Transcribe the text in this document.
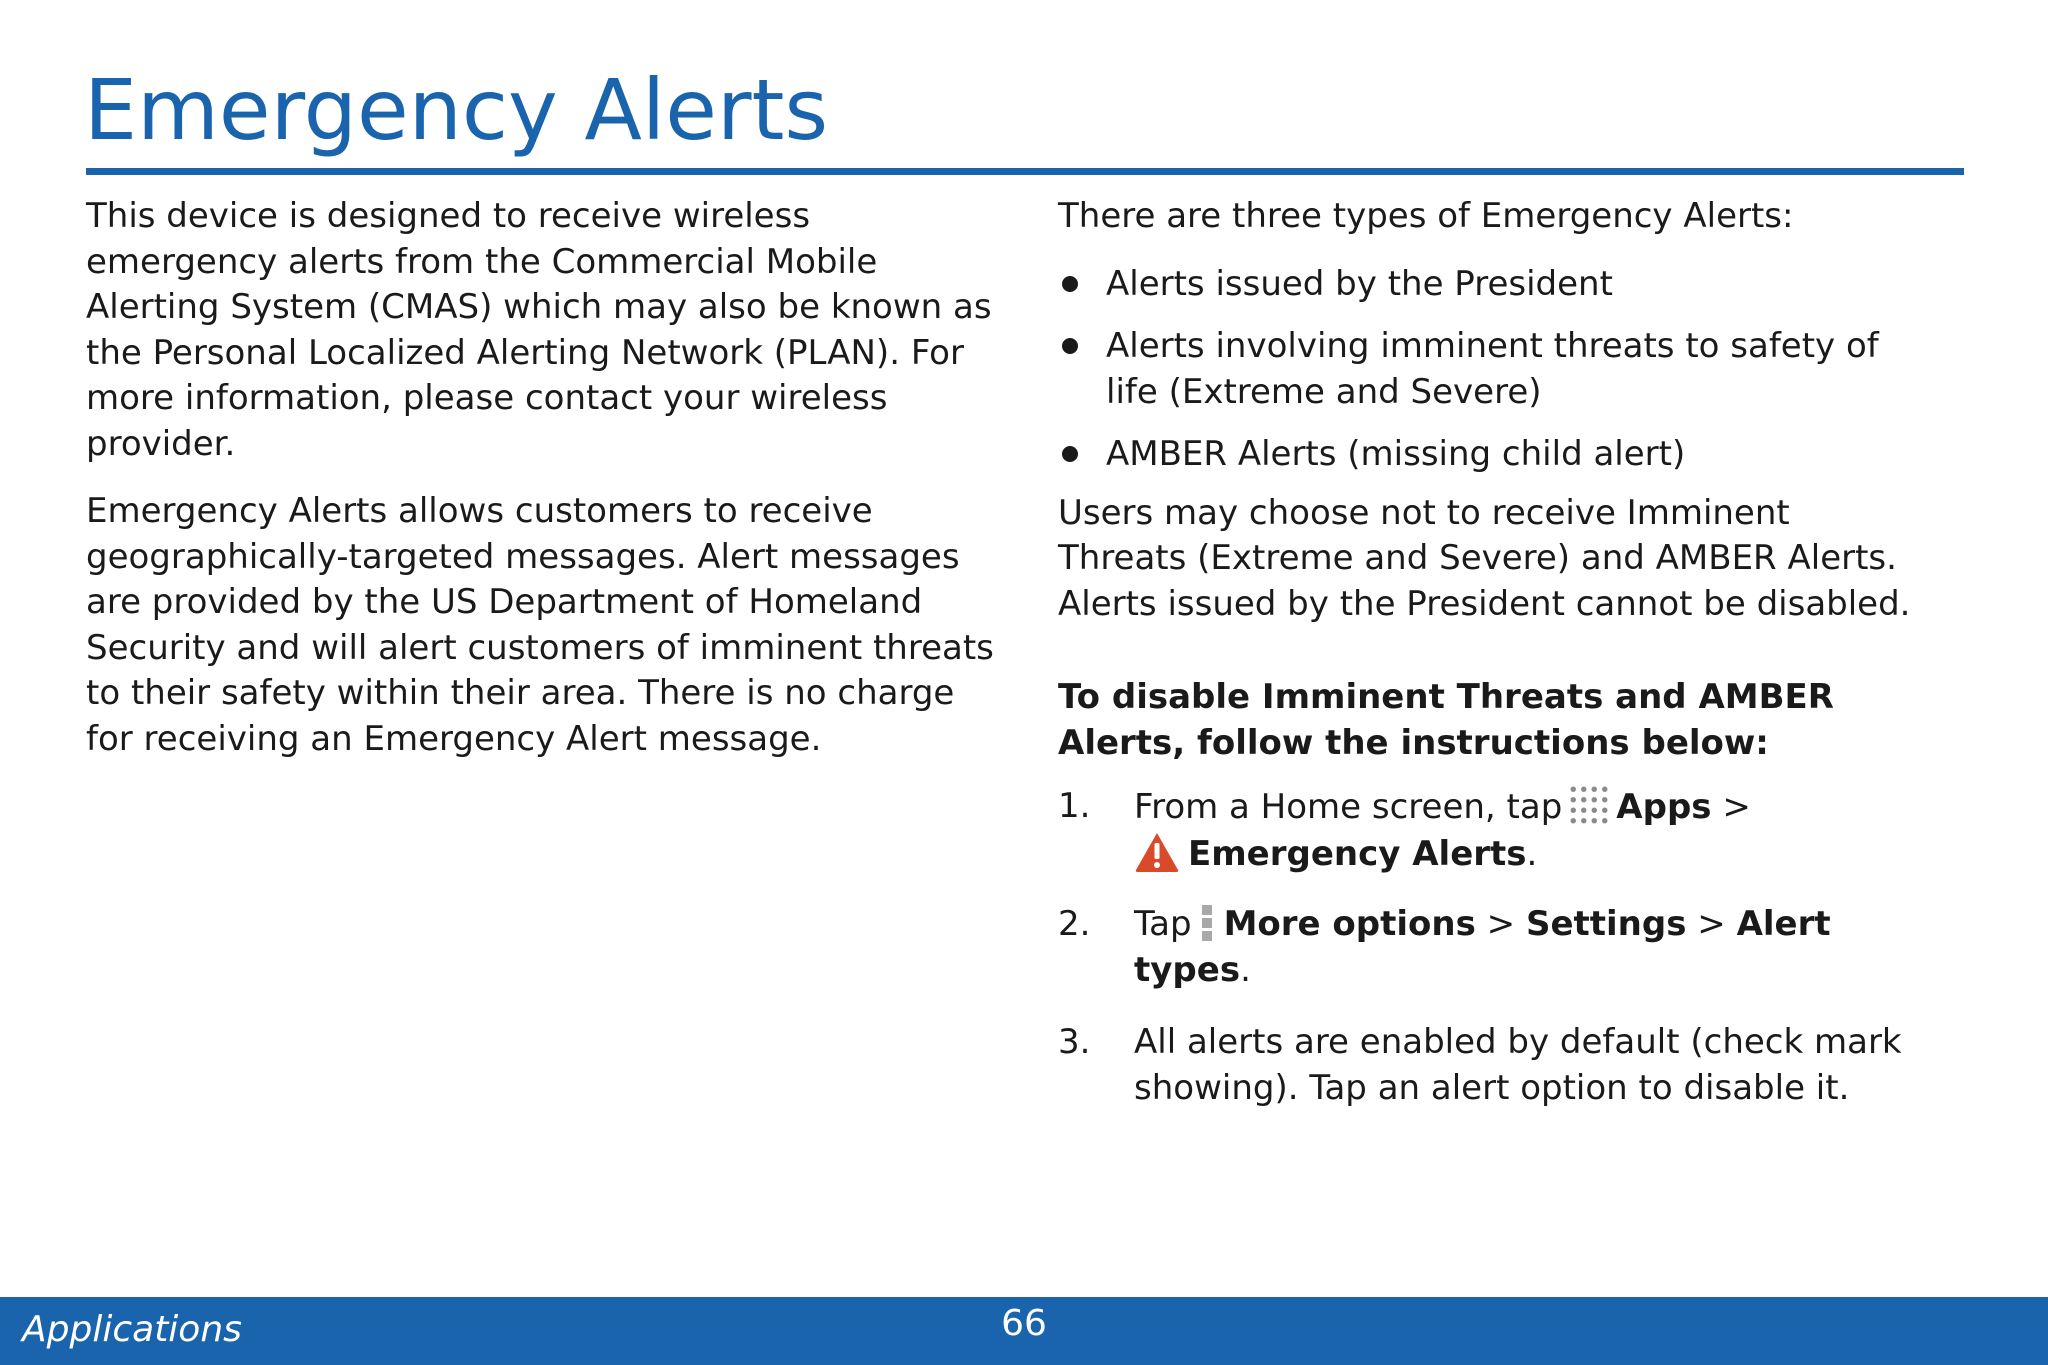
Emergency Alerts

This device is designed to receive wireless emergency alerts from the Commercial Mobile Alerting System (CMAS) which may also be known as the Personal Localized Alerting Network (PLAN). For more information, please contact your wireless provider.

Emergency Alerts allows customers to receive geographically-targeted messages. Alert messages are provided by the US Department of Homeland Security and will alert customers of imminent threats to their safety within their area. There is no charge for receiving an Emergency Alert message.

There are three types of Emergency Alerts:

Alerts issued by the President
Alerts involving imminent threats to safety of life (Extreme and Severe)
AMBER Alerts (missing child alert)

Users may choose not to receive Imminent Threats (Extreme and Severe) and AMBER Alerts. Alerts issued by the President cannot be disabled.

To disable Imminent Threats and AMBER Alerts, follow the instructions below:

1. From a Home screen, tap Apps >
Emergency Alerts.
2. Tap More options > Settings > Alert types.
3. All alerts are enabled by default (check mark showing). Tap an alert option to disable it.
Applications	66
